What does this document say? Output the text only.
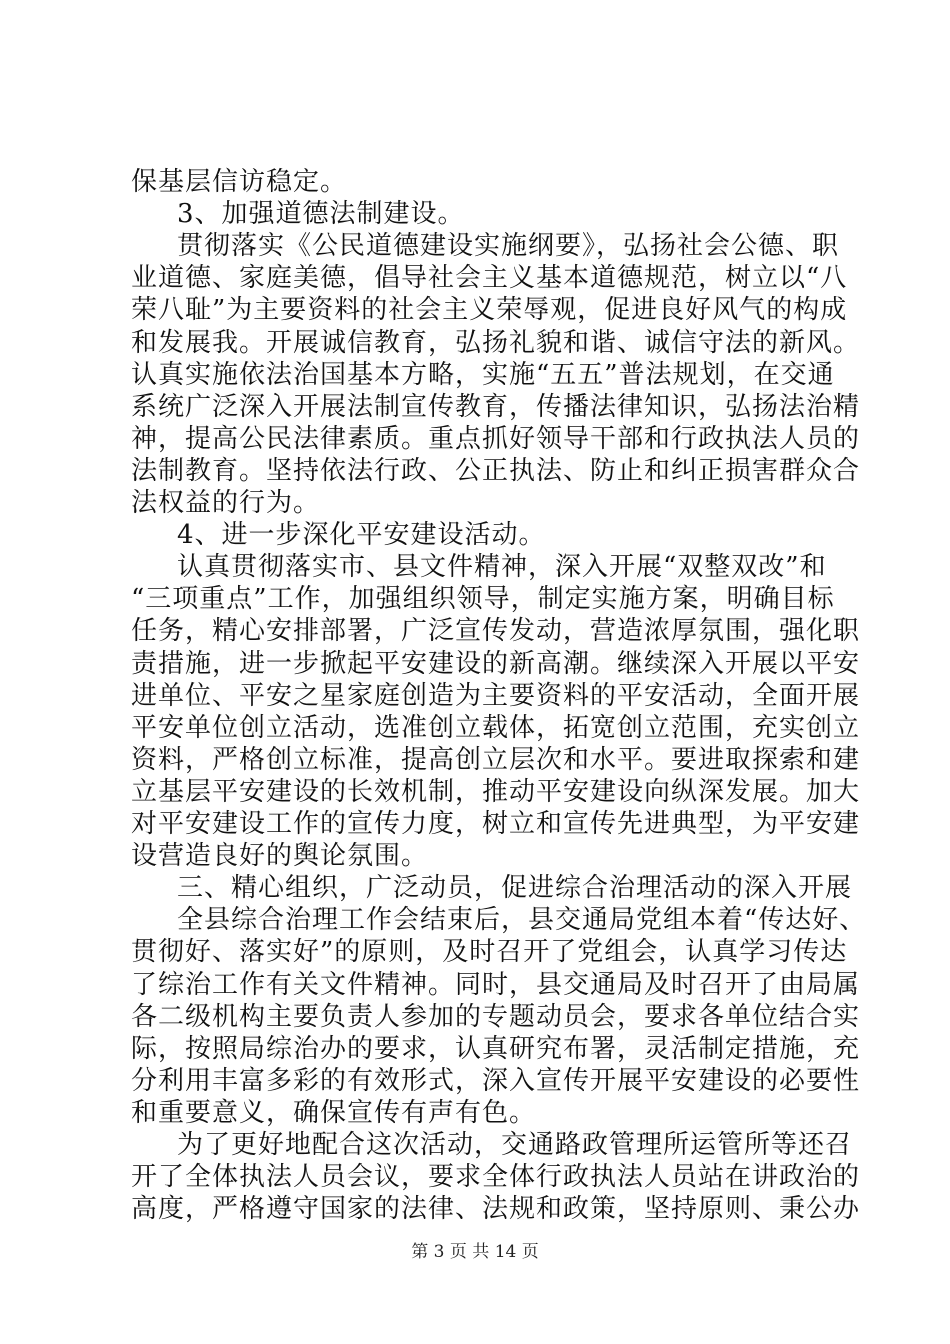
保基层信访稳定。
3、加强道德法制建设。
贯彻落实《公民道德建设实施纲要》，弘扬社会公德、职
业道德、家庭美德，倡导社会主义基本道德规范，树立以“八
荣八耻”为主要资料的社会主义荣辱观，促进良好风气的构成
和发展我。开展诚信教育，弘扬礼貌和谐、诚信守法的新风。
认真实施依法治国基本方略，实施“五五”普法规划，在交通
系统广泛深入开展法制宣传教育，传播法律知识，弘扬法治精
神，提高公民法律素质。重点抓好领导干部和行政执法人员的
法制教育。坚持依法行政、公正执法、防止和纠正损害群众合
法权益的行为。
4、进一步深化平安建设活动。
认真贯彻落实市、县文件精神，深入开展“双整双改”和
“三项重点”工作，加强组织领导，制定实施方案，明确目标
任务，精心安排部署，广泛宣传发动，营造浓厚氛围，强化职
责措施，进一步掀起平安建设的新高潮。继续深入开展以平安
进单位、平安之星家庭创造为主要资料的平安活动，全面开展
平安单位创立活动，选准创立载体，拓宽创立范围，充实创立
资料，严格创立标准，提高创立层次和水平。要进取探索和建
立基层平安建设的长效机制，推动平安建设向纵深发展。加大
对平安建设工作的宣传力度，树立和宣传先进典型，为平安建
设营造良好的舆论氛围。
三、精心组织，广泛动员，促进综合治理活动的深入开展
全县综合治理工作会结束后，县交通局党组本着“传达好、
贯彻好、落实好”的原则，及时召开了党组会，认真学习传达
了综治工作有关文件精神。同时，县交通局及时召开了由局属
各二级机构主要负责人参加的专题动员会，要求各单位结合实
际，按照局综治办的要求，认真研究布署，灵活制定措施，充
分利用丰富多彩的有效形式，深入宣传开展平安建设的必要性
和重要意义，确保宣传有声有色。
为了更好地配合这次活动，交通路政管理所运管所等还召
开了全体执法人员会议，要求全体行政执法人员站在讲政治的
高度，严格遵守国家的法律、法规和政策，坚持原则、秉公办
第 3 页 共 14 页
